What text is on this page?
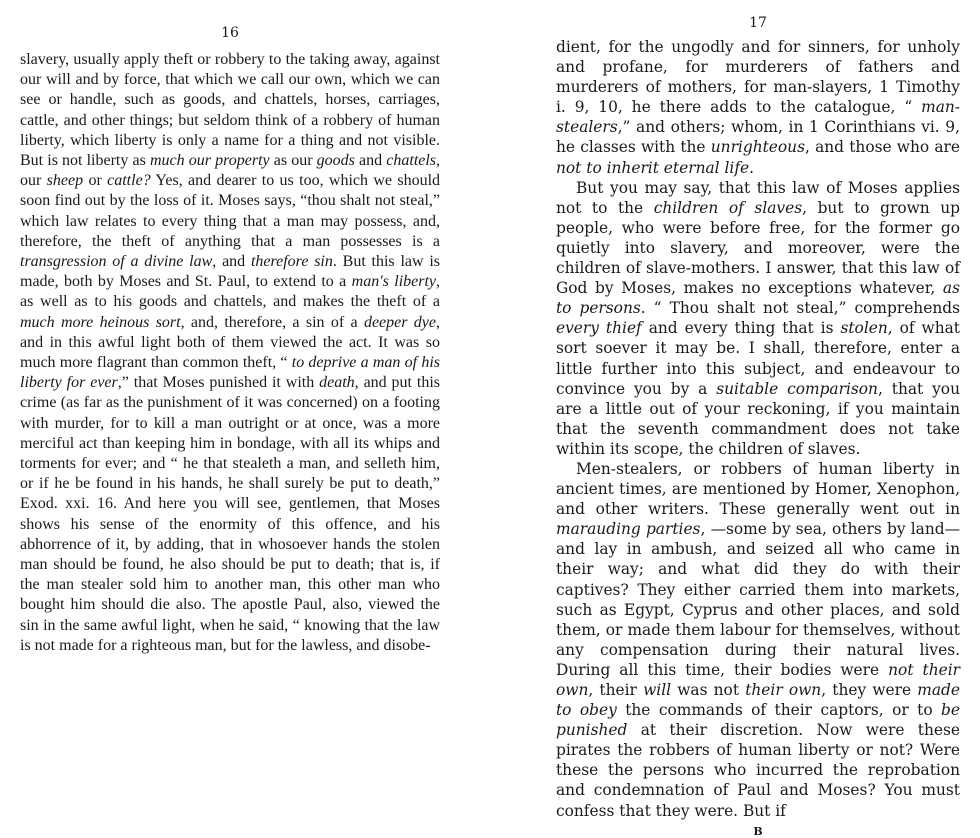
16

slavery, usually apply theft or robbery to the taking away, against our will and by force, that which we call our own, which we can see or handle, such as goods, and chattels, horses, carriages, cattle, and other things; but seldom think of a robbery of human liberty, which liberty is only a name for a thing and not visible. But is not liberty as much our property as our goods and chattels, our sheep or cattle? Yes, and dearer to us too, which we should soon find out by the loss of it. Moses says, “thou shalt not steal,” which law relates to every thing that a man may possess, and, therefore, the theft of anything that a man possesses is a transgression of a divine law, and therefore sin. But this law is made, both by Moses and St. Paul, to extend to a man's liberty, as well as to his goods and chattels, and makes the theft of a much more heinous sort, and, therefore, a sin of a deeper dye, and in this awful light both of them viewed the act. It was so much more flagrant than common theft, “ to deprive a man of his liberty for ever,” that Moses punished it with death, and put this crime (as far as the punishment of it was concerned) on a footing with murder, for to kill a man outright or at once, was a more merciful act than keeping him in bondage, with all its whips and torments for ever; and “ he that stealeth a man, and selleth him, or if he be found in his hands, he shall surely be put to death,” Exod. xxi. 16. And here you will see, gentlemen, that Moses shows his sense of the enormity of this offence, and his abhorrence of it, by adding, that in whosoever hands the stolen man should be found, he also should be put to death; that is, if the man stealer sold him to another man, this other man who bought him should die also. The apostle Paul, also, viewed the sin in the same awful light, when he said, “ knowing that the law is not made for a righteous man, but for the lawless, and disobe-

17

dient, for the ungodly and for sinners, for unholy and profane, for murderers of fathers and murderers of mothers, for man-slayers, 1 Timothy i. 9, 10, he there adds to the catalogue, “ man-stealers,” and others; whom, in 1 Corinthians vi. 9, he classes with the unrighteous, and those who are not to inherit eternal life.

But you may say, that this law of Moses applies not to the children of slaves, but to grown up people, who were before free, for the former go quietly into slavery, and moreover, were the children of slave-mothers. I answer, that this law of God by Moses, makes no exceptions whatever, as to persons. “ Thou shalt not steal,” comprehends every thief and every thing that is stolen, of what sort soever it may be. I shall, therefore, enter a little further into this subject, and endeavour to convince you by a suitable comparison, that you are a little out of your reckoning, if you maintain that the seventh commandment does not take within its scope, the children of slaves.

Men-stealers, or robbers of human liberty in ancient times, are mentioned by Homer, Xenophon, and other writers. These generally went out in marauding parties, —some by sea, others by land—and lay in ambush, and seized all who came in their way; and what did they do with their captives? They either carried them into markets, such as Egypt, Cyprus and other places, and sold them, or made them labour for themselves, without any compensation during their natural lives. During all this time, their bodies were not their own, their will was not their own, they were made to obey the commands of their captors, or to be punished at their discretion. Now were these pirates the robbers of human liberty or not? Were these the persons who incurred the reprobation and condemnation of Paul and Moses? You must confess that they were. But if

B
